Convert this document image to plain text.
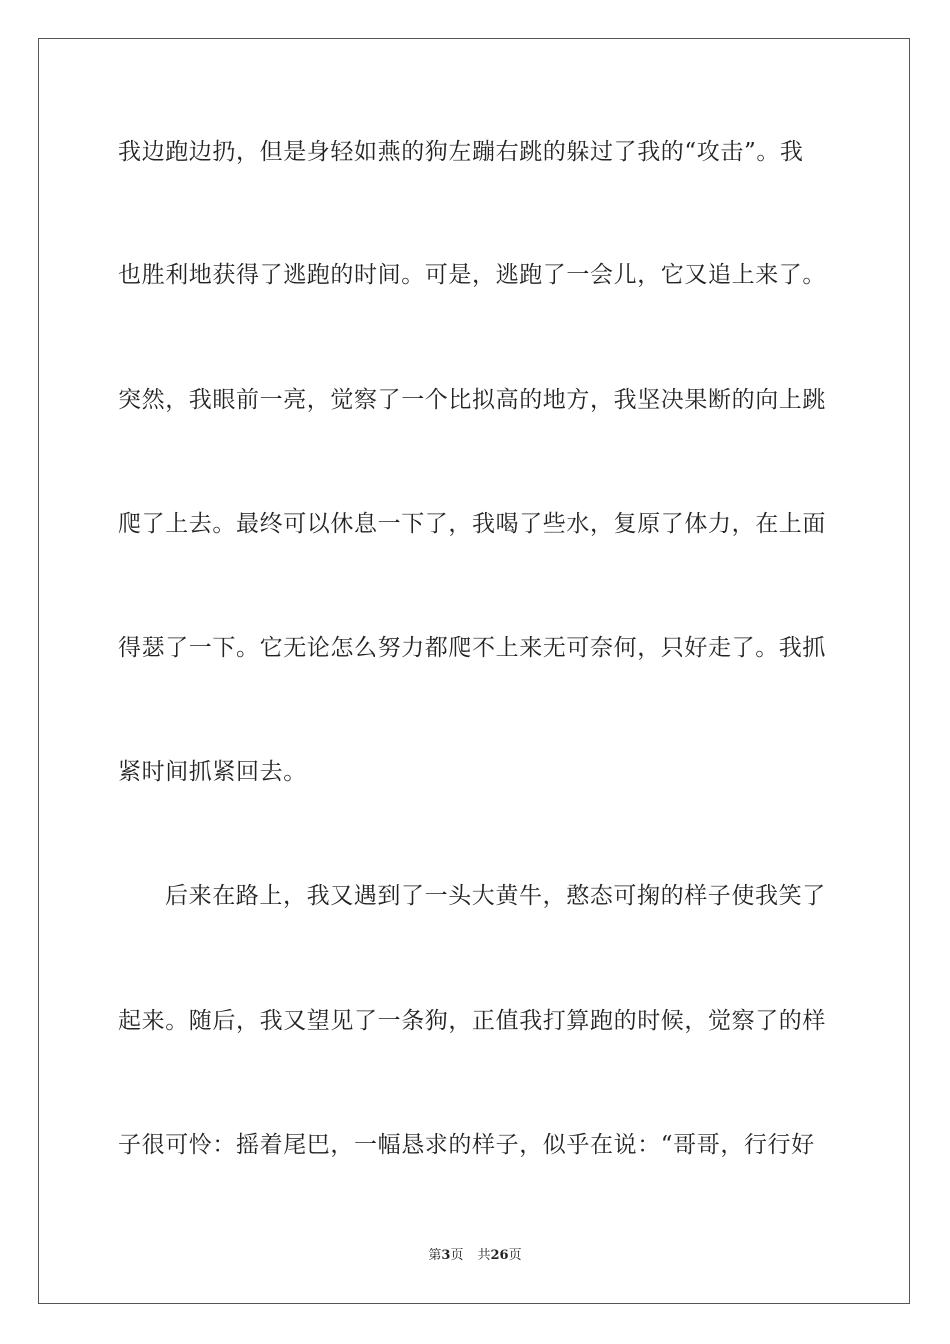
我边跑边扔，但是身轻如燕的狗左蹦右跳的躲过了我的“攻击”。我
也胜利地获得了逃跑的时间。可是，逃跑了一会儿，它又追上来了。
突然，我眼前一亮，觉察了一个比拟高的地方，我坚决果断的向上跳
爬了上去。最终可以休息一下了，我喝了些水，复原了体力，在上面
得瑟了一下。它无论怎么努力都爬不上来无可奈何，只好走了。我抓
紧时间抓紧回去。
后来在路上，我又遇到了一头大黄牛，憨态可掬的样子使我笑了
起来。随后，我又望见了一条狗，正值我打算跑的时候，觉察了的样
子很可怜：摇着尾巴，一幅恳求的样子，似乎在说：“哥哥，行行好
第3页 共26页
